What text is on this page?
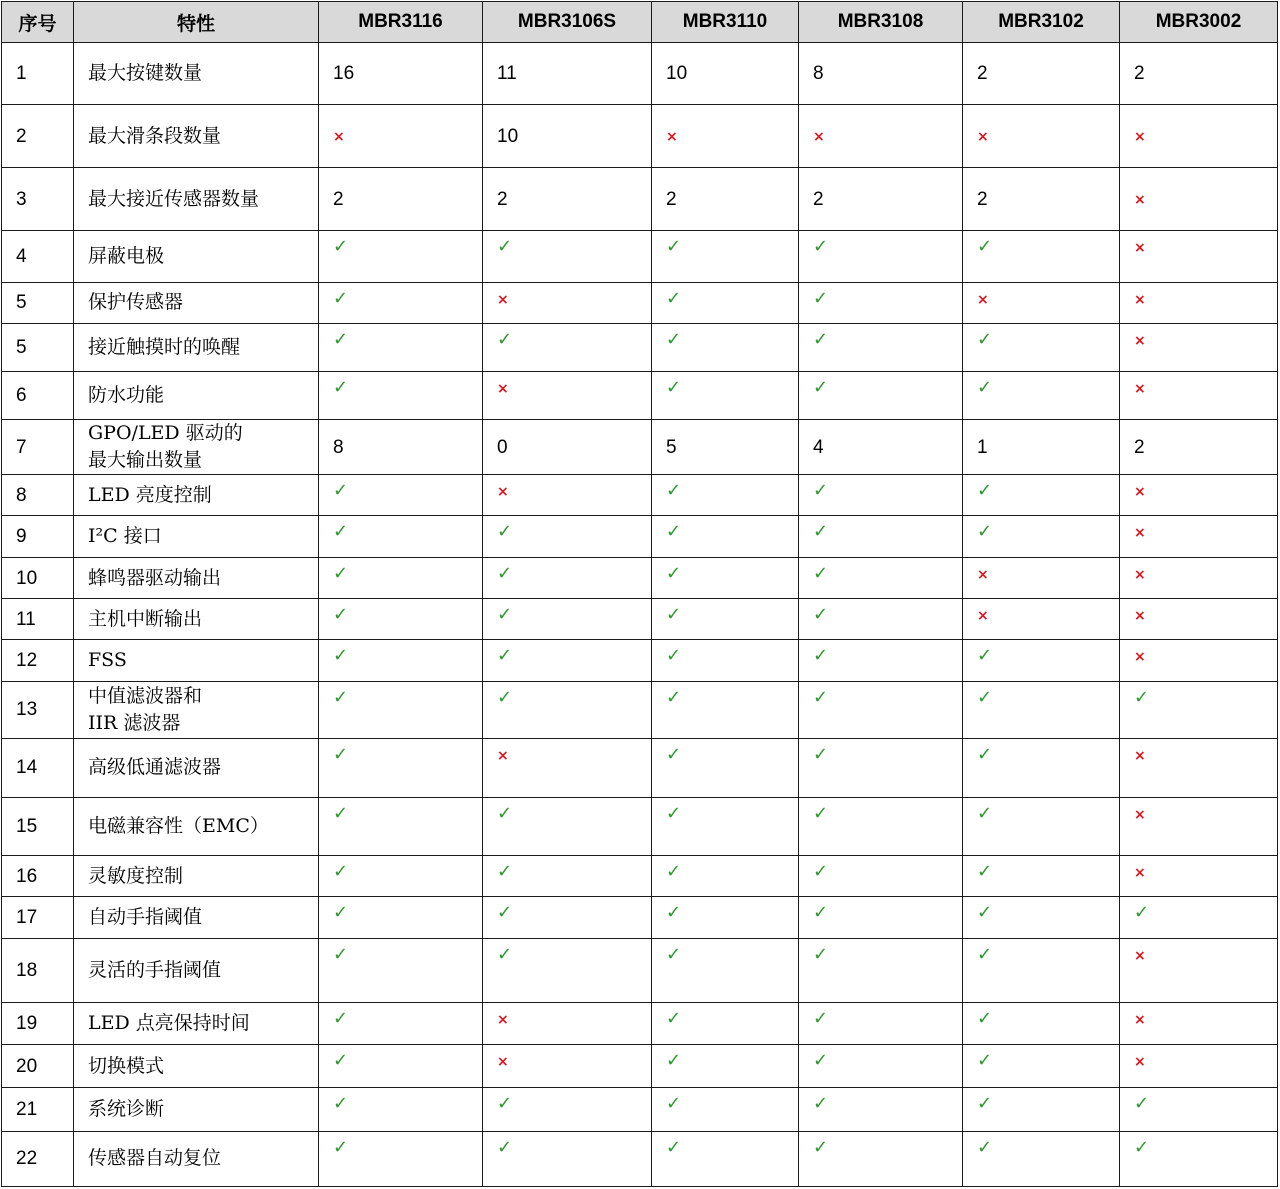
序号	特性	MBR3116	MBR3106S	MBR3110	MBR3108	MBR3102	MBR3002
1	最大按键数量	16	11	10	8	2	2
2	最大滑条段数量	×	10	×	×	×	×
3	最大接近传感器数量	2	2	2	2	2	×
4	屏蔽电极	✓	✓	✓	✓	✓	×
5	保护传感器	✓	×	✓	✓	×	×
5	接近触摸时的唤醒	✓	✓	✓	✓	✓	×
6	防水功能	✓	×	✓	✓	✓	×
7	GPO/LED 驱动的
最大输出数量	8	0	5	4	1	2
8	LED 亮度控制	✓	×	✓	✓	✓	×
9	I²C 接口	✓	✓	✓	✓	✓	×
10	蜂鸣器驱动输出	✓	✓	✓	✓	×	×
11	主机中断输出	✓	✓	✓	✓	×	×
12	FSS	✓	✓	✓	✓	✓	×
13	中值滤波器和
IIR 滤波器	✓	✓	✓	✓	✓	✓
14	高级低通滤波器	✓	×	✓	✓	✓	×
15	电磁兼容性（EMC）	✓	✓	✓	✓	✓	×
16	灵敏度控制	✓	✓	✓	✓	✓	×
17	自动手指阈值	✓	✓	✓	✓	✓	✓
18	灵活的手指阈值	✓	✓	✓	✓	✓	×
19	LED 点亮保持时间	✓	×	✓	✓	✓	×
20	切换模式	✓	×	✓	✓	✓	×
21	系统诊断	✓	✓	✓	✓	✓	✓
22	传感器自动复位	✓	✓	✓	✓	✓	✓
